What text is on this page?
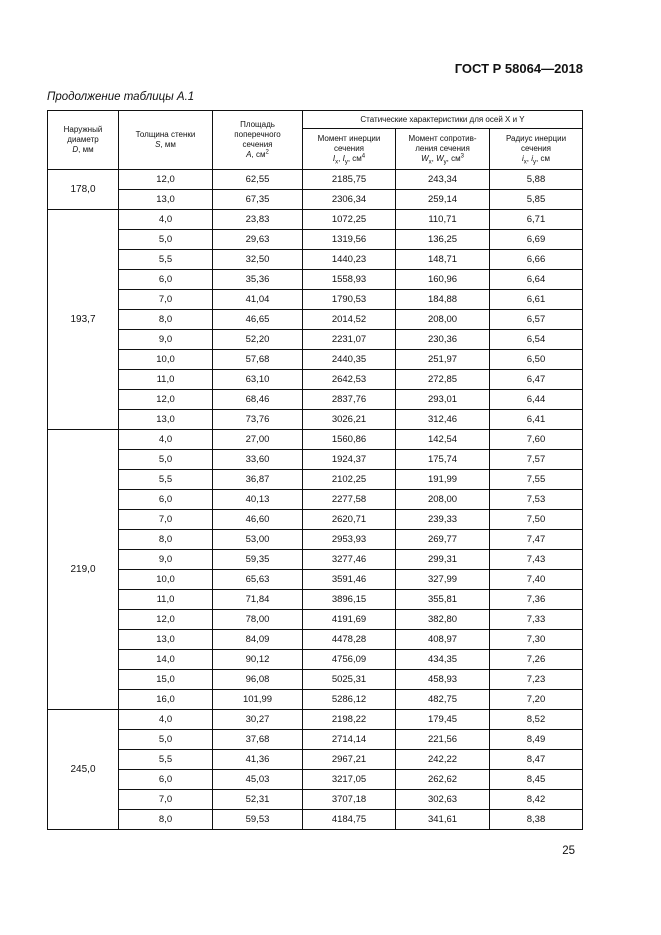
ГОСТ Р 58064—2018
Продолжение таблицы А.1
Наружный
диаметр
D, мм	Толщина стенки
S, мм	Площадь
поперечного
сечения
A, $см^2$	Статические характеристики для осей X и Y		
			Момент инерции
сечения
$I_x$, $I_y$, $см^4$	Момент сопротив-
ления сечения
$W_x$, $W_y$, $см^3$	Радиус инерции
сечения
$i_x$, $i_y$, см
178,0	12,0	62,55	2185,75	243,34	5,88
	13,0	67,35	2306,34	259,14	5,85
193,7	4,0	23,83	1072,25	110,71	6,71
	5,0	29,63	1319,56	136,25	6,69
	5,5	32,50	1440,23	148,71	6,66
	6,0	35,36	1558,93	160,96	6,64
	7,0	41,04	1790,53	184,88	6,61
	8,0	46,65	2014,52	208,00	6,57
	9,0	52,20	2231,07	230,36	6,54
	10,0	57,68	2440,35	251,97	6,50
	11,0	63,10	2642,53	272,85	6,47
	12,0	68,46	2837,76	293,01	6,44
	13,0	73,76	3026,21	312,46	6,41
219,0	4,0	27,00	1560,86	142,54	7,60
	5,0	33,60	1924,37	175,74	7,57
	5,5	36,87	2102,25	191,99	7,55
	6,0	40,13	2277,58	208,00	7,53
	7,0	46,60	2620,71	239,33	7,50
	8,0	53,00	2953,93	269,77	7,47
	9,0	59,35	3277,46	299,31	7,43
	10,0	65,63	3591,46	327,99	7,40
	11,0	71,84	3896,15	355,81	7,36
	12,0	78,00	4191,69	382,80	7,33
	13,0	84,09	4478,28	408,97	7,30
	14,0	90,12	4756,09	434,35	7,26
	15,0	96,08	5025,31	458,93	7,23
	16,0	101,99	5286,12	482,75	7,20
245,0	4,0	30,27	2198,22	179,45	8,52
	5,0	37,68	2714,14	221,56	8,49
	5,5	41,36	2967,21	242,22	8,47
	6,0	45,03	3217,05	262,62	8,45
	7,0	52,31	3707,18	302,63	8,42
	8,0	59,53	4184,75	341,61	8,38
25
